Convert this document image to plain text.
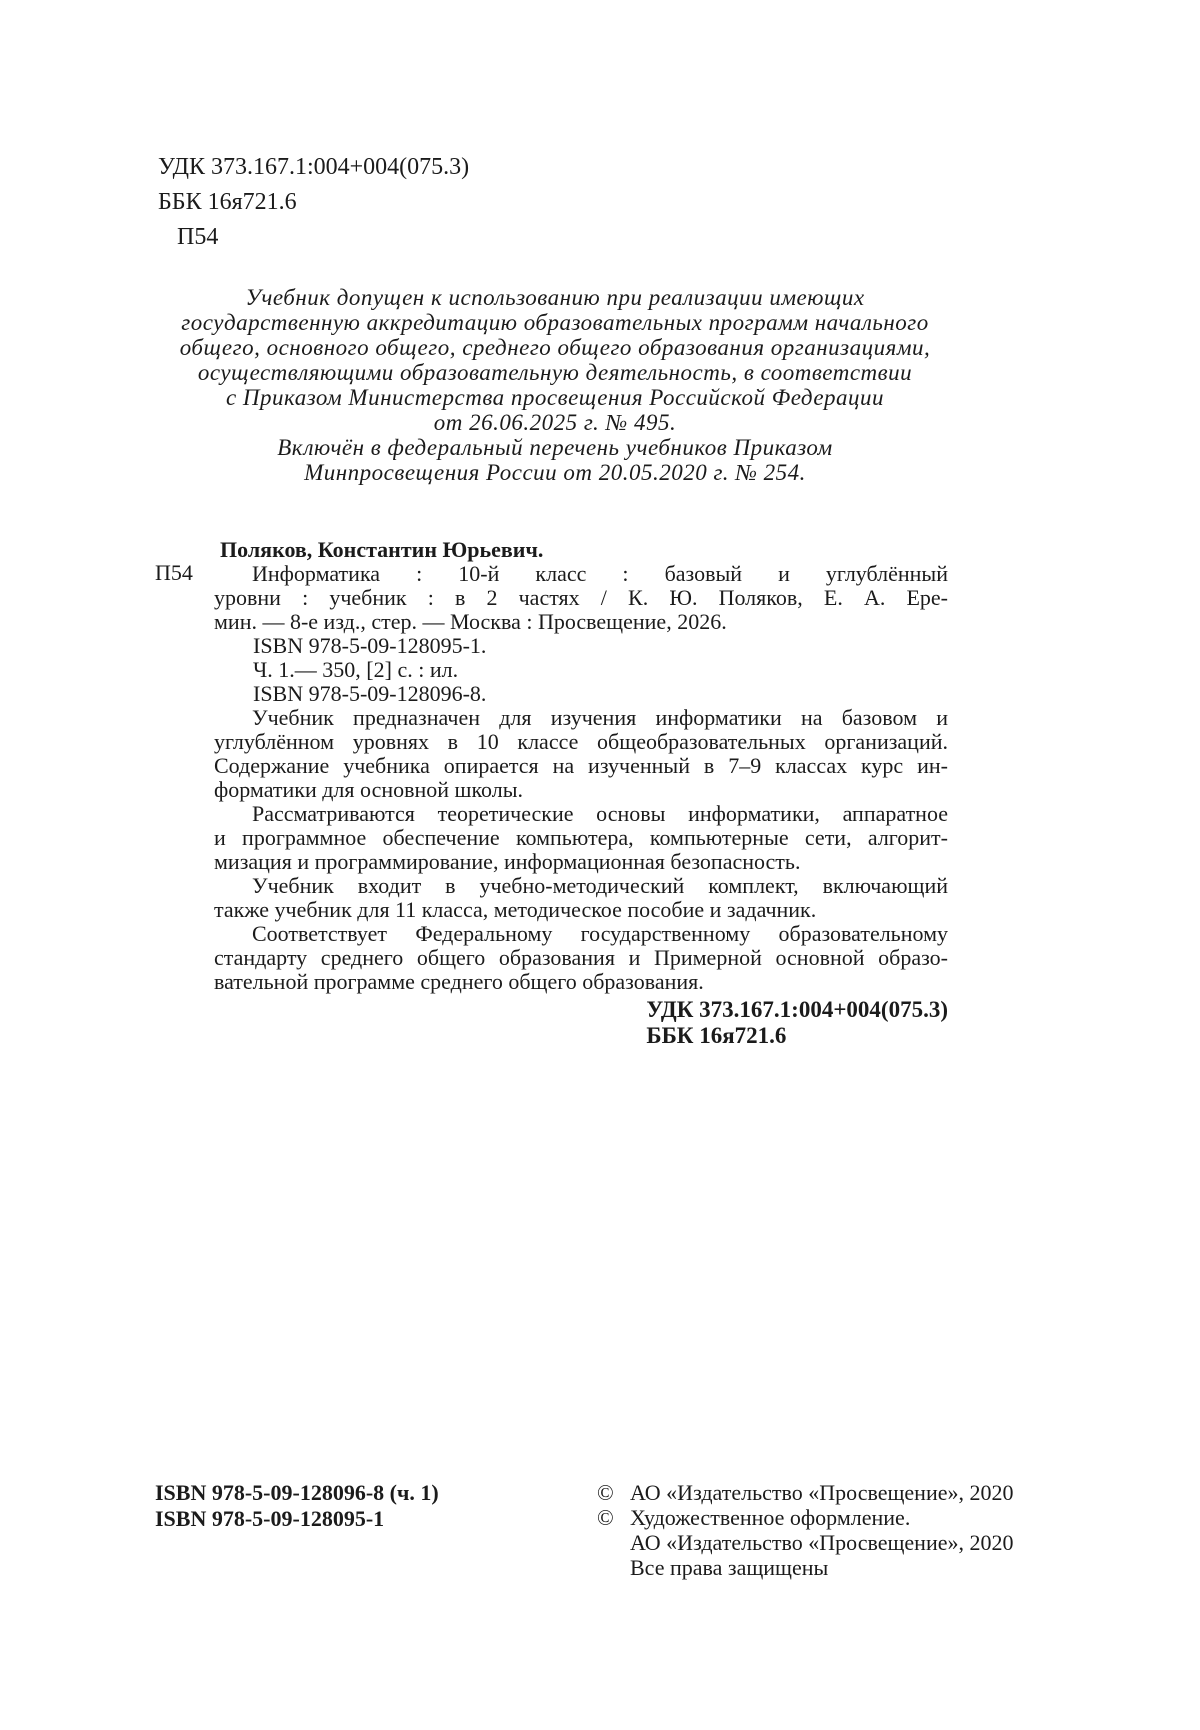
УДК 373.167.1:004+004(075.3)
ББК 16я721.6
П54
Учебник допущен к использованию при реализации имеющих
государственную аккредитацию образовательных программ начального
общего, основного общего, среднего общего образования организациями,
осуществляющими образовательную деятельность, в соответствии
с Приказом Министерства просвещения Российской Федерации
от 26.06.2025 г. № 495.
Включён в федеральный перечень учебников Приказом
Минпросвещения России от 20.05.2020 г. № 254.
П54
Поляков, Константин Юрьевич.
Информатика : 10-й класс : базовый и углублённый
уровни : учебник : в 2 частях / К. Ю. Поляков, Е. А. Ере-
мин. — 8-е изд., стер. — Москва : Просвещение, 2026.
ISBN 978-5-09-128095-1.
Ч. 1.— 350, [2] с. : ил.
ISBN 978-5-09-128096-8.
Учебник предназначен для изучения информатики на базовом и
углублённом уровнях в 10 классе общеобразовательных организаций.
Содержание учебника опирается на изученный в 7–9 классах курс ин-
форматики для основной школы.
Рассматриваются теоретические основы информатики, аппаратное
и программное обеспечение компьютера, компьютерные сети, алгорит-
мизация и программирование, информационная безопасность.
Учебник входит в учебно-методический комплект, включающий
также учебник для 11 класса, методическое пособие и задачник.
Соответствует Федеральному государственному образовательному
стандарту среднего общего образования и Примерной основной образо-
вательной программе среднего общего образования.
УДК 373.167.1:004+004(075.3)
ББК 16я721.6
ISBN 978-5-09-128096-8 (ч. 1)
ISBN 978-5-09-128095-1
© АО «Издательство «Просвещение», 2020
© Художественное оформление.
АО «Издательство «Просвещение», 2020
Все права защищены
